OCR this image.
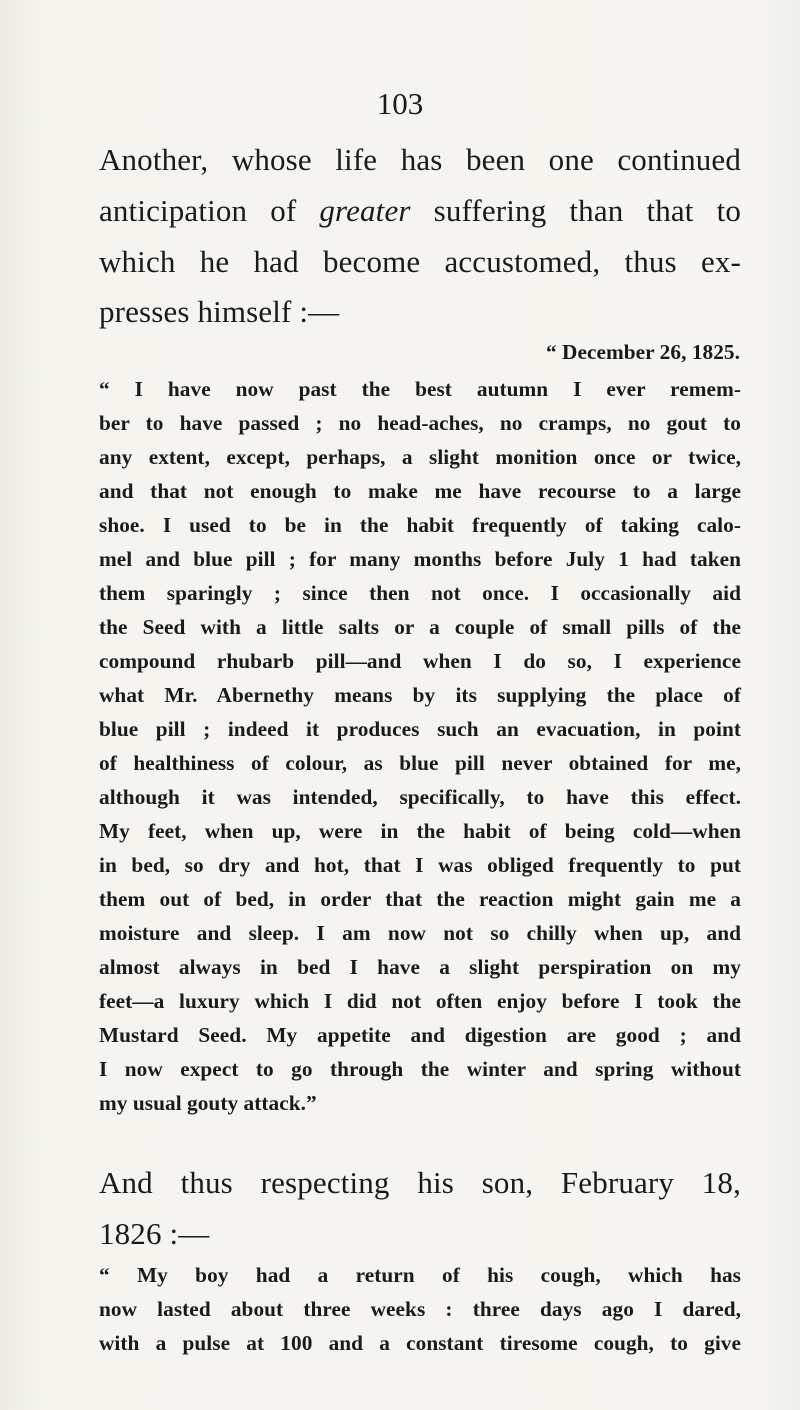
103
Another, whose life has been one continued
anticipation of greater suffering than that to
which he had become accustomed, thus ex-
presses himself :—
“ December 26, 1825.
“ I have now past the best autumn I ever remem-
ber to have passed ; no head-aches, no cramps, no gout to
any extent, except, perhaps, a slight monition once or twice,
and that not enough to make me have recourse to a large
shoe. I used to be in the habit frequently of taking calo-
mel and blue pill ; for many months before July 1 had taken
them sparingly ; since then not once. I occasionally aid
the Seed with a little salts or a couple of small pills of the
compound rhubarb pill—and when I do so, I experience
what Mr. Abernethy means by its supplying the place of
blue pill ; indeed it produces such an evacuation, in point
of healthiness of colour, as blue pill never obtained for me,
although it was intended, specifically, to have this effect.
My feet, when up, were in the habit of being cold—when
in bed, so dry and hot, that I was obliged frequently to put
them out of bed, in order that the reaction might gain me a
moisture and sleep. I am now not so chilly when up, and
almost always in bed I have a slight perspiration on my
feet—a luxury which I did not often enjoy before I took the
Mustard Seed. My appetite and digestion are good ; and
I now expect to go through the winter and spring without
my usual gouty attack.”
And thus respecting his son, February 18,
1826 :—
“ My boy had a return of his cough, which has
now lasted about three weeks : three days ago I dared,
with a pulse at 100 and a constant tiresome cough, to give
